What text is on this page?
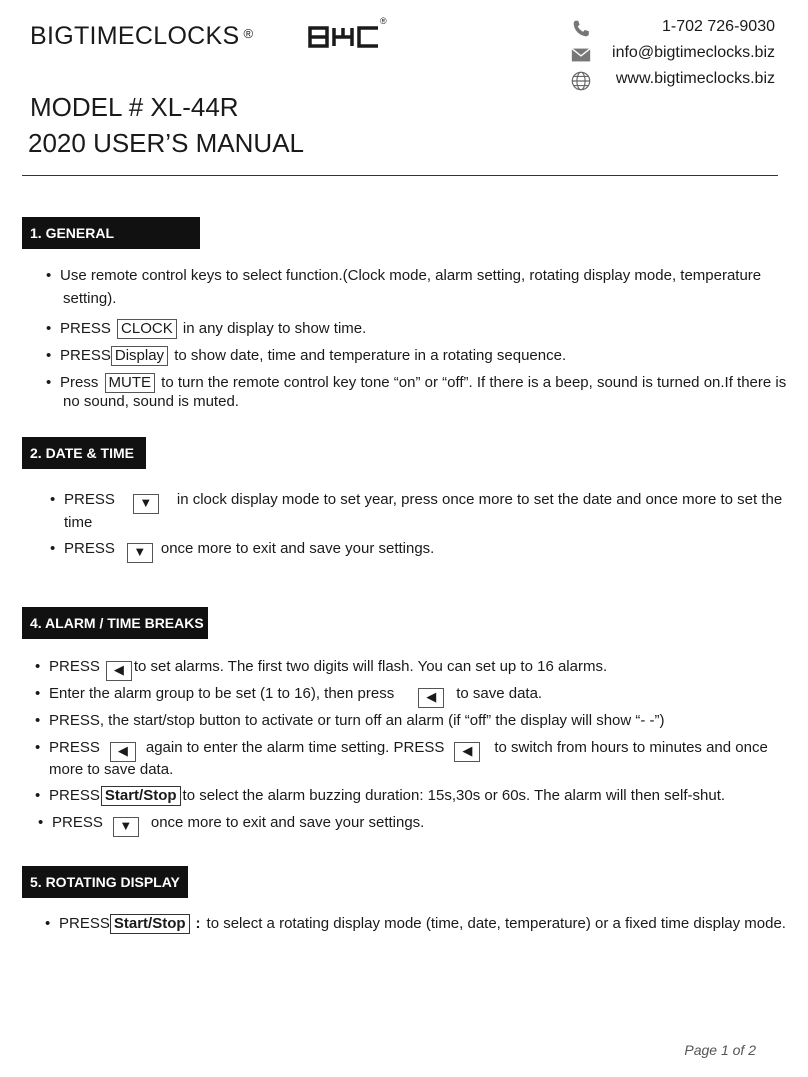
BIGTIMECLOCKS ®
®	1-702 726-9030
info@bigtimeclocks.biz
www.bigtimeclocks.biz
MODEL # XL-44R
2020 USER’S MANUAL
1. GENERAL
• Use remote control keys to select function.(Clock mode, alarm setting, rotating display mode, temperature
setting).
• PRESS CLOCK in any display to show time.
• PRESS Display to show date, time and temperature in a rotating sequence.
• Press MUTE to turn the remote control key tone “on” or “off”. If there is a beep, sound is turned on.If there is
no sound, sound is muted.
2. DATE & TIME
• PRESS ▼ in clock display mode to set year, press once more to set the date and once more to set the
time
• PRESS ▼ once more to exit and save your settings.
4. ALARM / TIME BREAKS
• PRESS ◀ to set alarms. The first two digits will flash. You can set up to 16 alarms.
• Enter the alarm group to be set (1 to 16), then press ◀ to save data.
• PRESS, the start/stop button to activate or turn off an alarm (if “off” the display will show “- -”)
• PRESS ◀ again to enter the alarm time setting. PRESS ◀ to switch from hours to minutes and once
more to save data.
• PRESS Start/Stop to select the alarm buzzing duration: 15s,30s or 60s. The alarm will then self-shut.
• PRESS ▼ once more to exit and save your settings.
5. ROTATING DISPLAY
• PRESS Start/Stop : to select a rotating display mode (time, date, temperature) or a fixed time display mode.
Page 1 of 2
